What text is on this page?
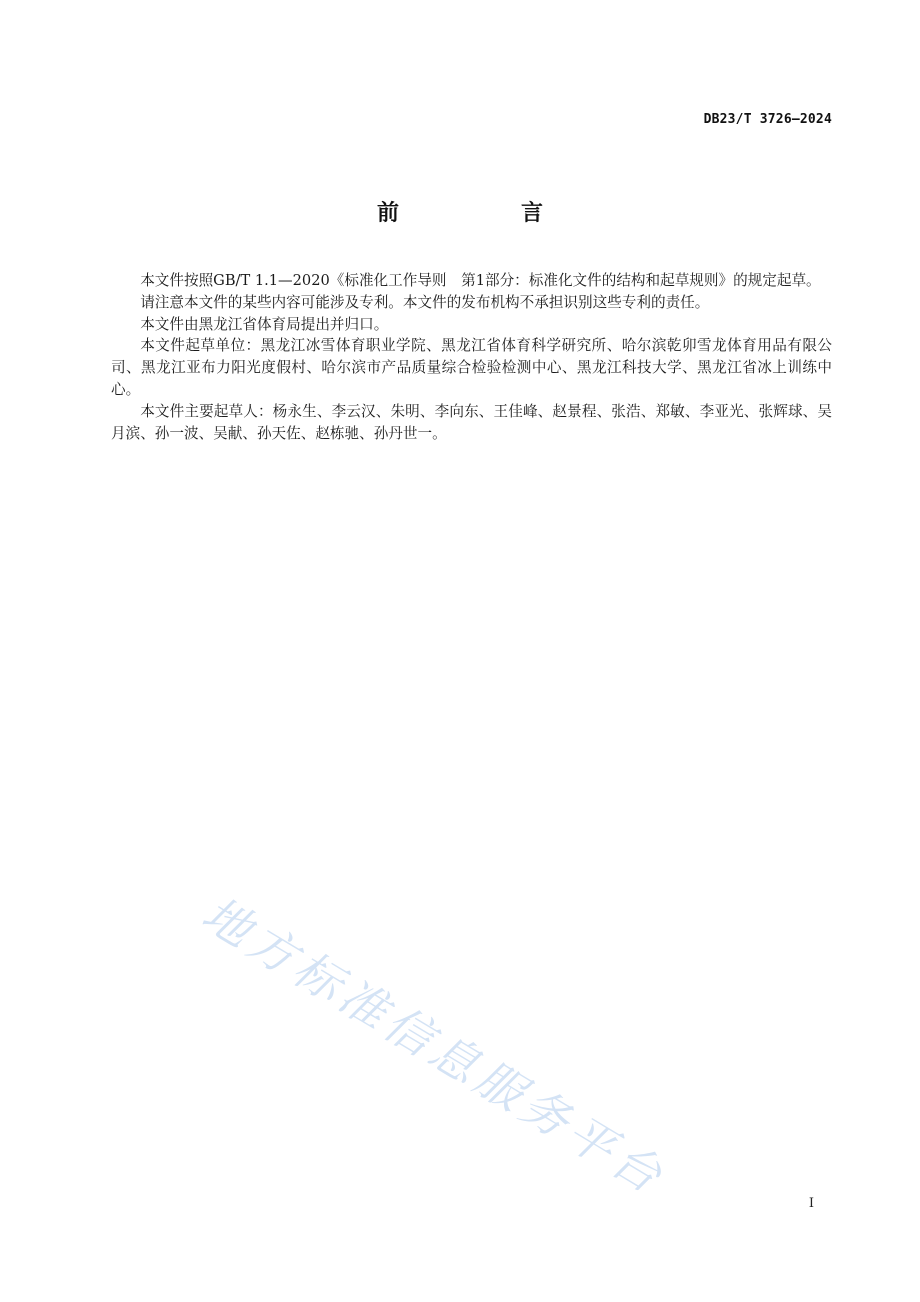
DB23/T 3726—2024
前　言

本文件按照GB/T 1.1—2020《标准化工作导则　第1部分：标准化文件的结构和起草规则》的规定起草。

请注意本文件的某些内容可能涉及专利。本文件的发布机构不承担识别这些专利的责任。

本文件由黑龙江省体育局提出并归口。

本文件起草单位：黑龙江冰雪体育职业学院、黑龙江省体育科学研究所、哈尔滨乾卯雪龙体育用品有限公司、黑龙江亚布力阳光度假村、哈尔滨市产品质量综合检验检测中心、黑龙江科技大学、黑龙江省冰上训练中心。

本文件主要起草人：杨永生、李云汉、朱明、李向东、王佳峰、赵景程、张浩、郑敏、李亚光、张辉球、吴月滨、孙一波、吴献、孙天佐、赵栋驰、孙丹世一。

地方标准信息服务平台	I
